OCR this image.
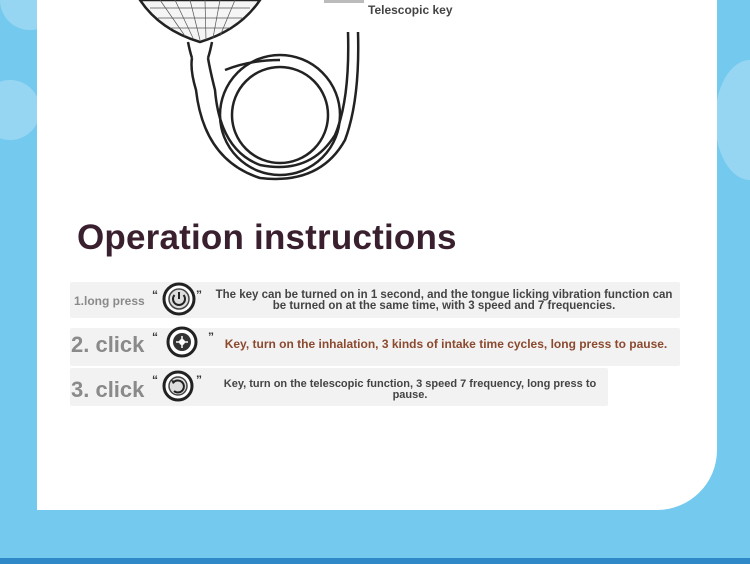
Telescopic key
Operation instructions
1.long press “	”	The key can be turned on in 1 second, and the tongue licking vibration function can be turned on at the same time, with 3 speed and 7 frequencies.
2. click “	” Key, turn on the inhalation, 3 kinds of intake time cycles, long press to pause.
3. click “	”	Key, turn on the telescopic function, 3 speed 7 frequency, long press to pause.
